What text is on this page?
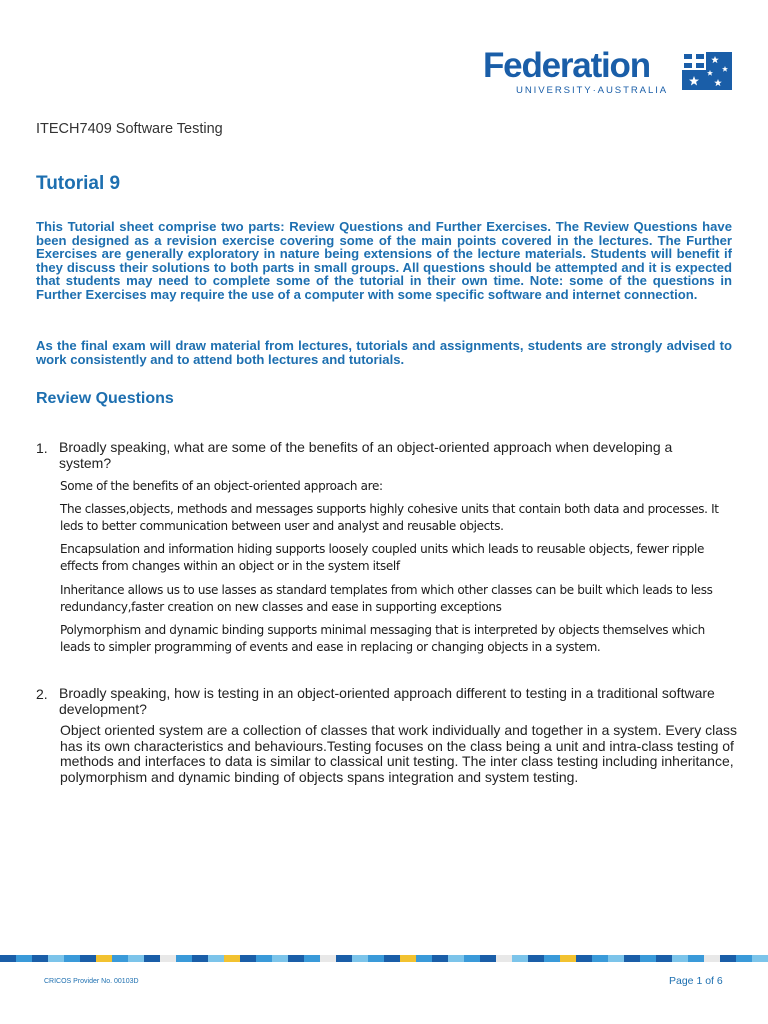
Federation
UNIVERSITY·AUSTRALIA
ITECH7409 Software Testing
Tutorial 9
This Tutorial sheet comprise two parts: Review Questions and Further Exercises. The Review Questions have been designed as a revision exercise covering some of the main points covered in the lectures. The Further Exercises are generally exploratory in nature being extensions of the lecture materials. Students will benefit if they discuss their solutions to both parts in small groups. All questions should be attempted and it is expected that students may need to complete some of the tutorial in their own time. Note: some of the questions in Further Exercises may require the use of a computer with some specific software and internet connection.
As the final exam will draw material from lectures, tutorials and assignments, students are strongly advised to work consistently and to attend both lectures and tutorials.
Review Questions
1. Broadly speaking, what are some of the benefits of an object-oriented approach when developing a system?
Some of the benefits of an object-oriented approach are:
The classes,objects, methods and messages supports highly cohesive units that contain both data and processes. It leds to better communication between user and analyst and reusable objects.
Encapsulation and information hiding supports loosely coupled units which leads to reusable objects, fewer ripple effects from changes within an object or in the system itself
Inheritance allows us to use lasses as standard templates from which other classes can be built which leads to less redundancy,faster creation on new classes and ease in supporting exceptions
Polymorphism and dynamic binding supports minimal messaging that is interpreted by objects themselves which leads to simpler programming of events and ease in replacing or changing objects in a system.
2. Broadly speaking, how is testing in an object-oriented approach different to testing in a traditional software development?
Object oriented system are a collection of classes that work individually and together in a system. Every class has its own characteristics and behaviours.Testing focuses on the class being a unit and intra-class testing of methods and interfaces to data is similar to classical unit testing. The inter class testing including inheritance, polymorphism and dynamic binding of objects spans integration and system testing.
CRICOS Provider No. 00103D	Page 1 of 6
